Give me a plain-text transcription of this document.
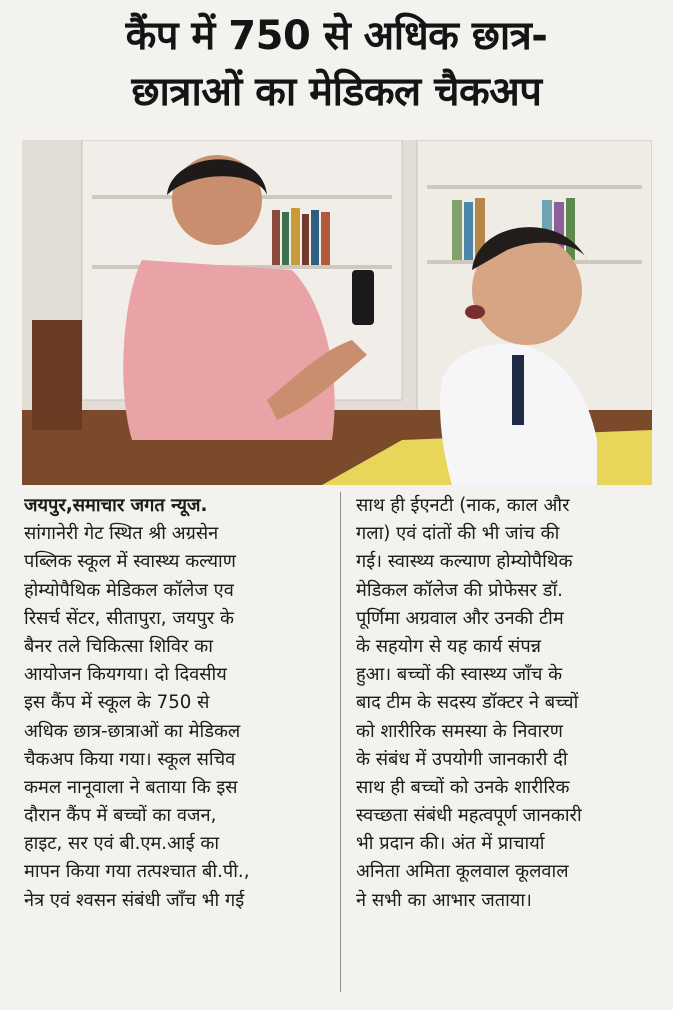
कैंप में 750 से अधिक छात्र-
छात्राओं का मेडिकल चैकअप
जयपुर,समाचार जगत न्यूज.
सांगानेरी गेट स्थित श्री अग्रसेन
पब्लिक स्कूल में स्वास्थ्य कल्याण
होम्योपैथिक मेडिकल कॉलेज एव
रिसर्च सेंटर, सीतापुरा, जयपुर के
बैनर तले चिकित्सा शिविर का
आयोजन कियगया। दो दिवसीय
इस कैंप में स्कूल के 750 से
अधिक छात्र-छात्राओं का मेडिकल
चैकअप किया गया। स्कूल सचिव
कमल नानूवाला ने बताया कि इस
दौरान कैंप में बच्चों का वजन,
हाइट, सर एवं बी.एम.आई का
मापन किया गया तत्पश्चात बी.पी.,
नेत्र एवं श्वसन संबंधी जाँच भी गई
साथ ही ईएनटी (नाक, काल और
गला) एवं दांतों की भी जांच की
गई। स्वास्थ्य कल्याण होम्योपैथिक
मेडिकल कॉलेज की प्रोफेसर डॉ.
पूर्णिमा अग्रवाल और उनकी टीम
के सहयोग से यह कार्य संपन्न
हुआ। बच्चों की स्वास्थ्य जाँच के
बाद टीम के सदस्य डॉक्टर ने बच्चों
को शारीरिक समस्या के निवारण
के संबंध में उपयोगी जानकारी दी
साथ ही बच्चों को उनके शारीरिक
स्वच्छता संबंधी महत्वपूर्ण जानकारी
भी प्रदान की। अंत में प्राचार्या
अनिता अमिता कूलवाल कूलवाल
ने सभी का आभार जताया।
